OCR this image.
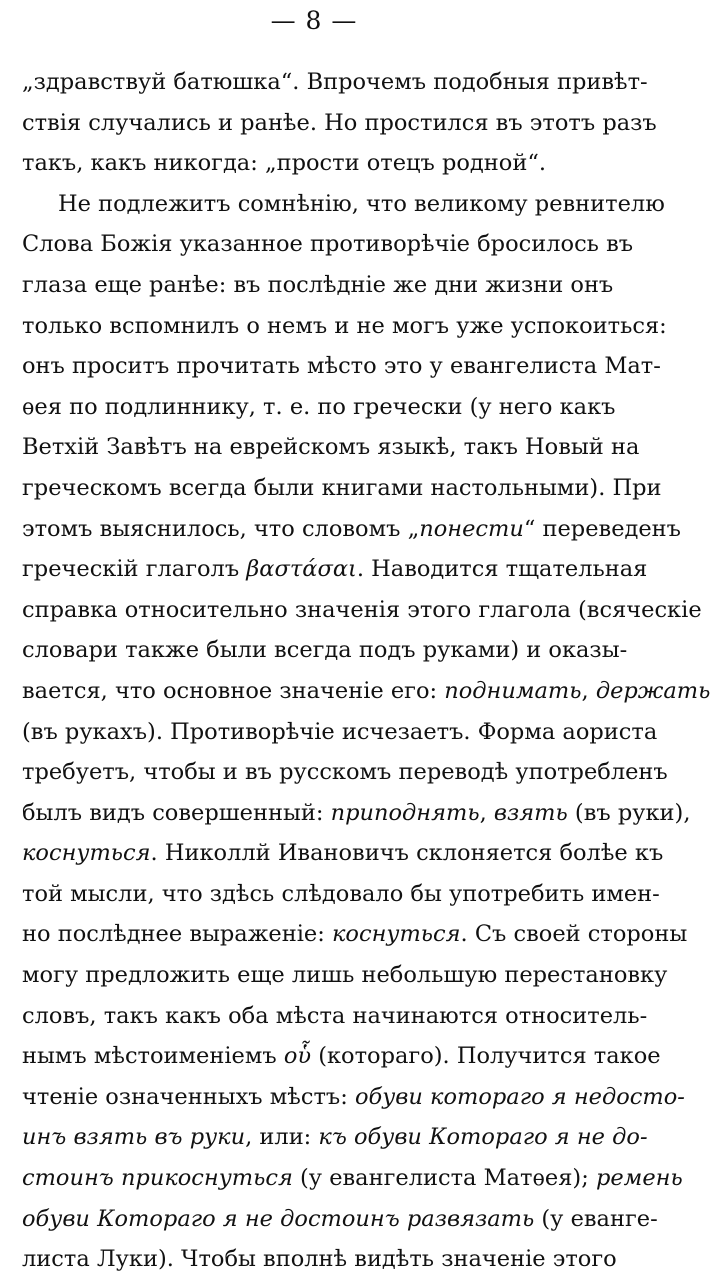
— 8 —
„здравствуй батюшка“. Впрочемъ подобныя привѣт-
ствія случались и ранѣе. Но простился въ этотъ разъ
такъ, какъ никогда: „прости отецъ родной“.
Не подлежитъ сомнѣнію, что великому ревнителю
Слова Божія указанное противорѣчіе бросилось въ
глаза еще ранѣе: въ послѣдніе же дни жизни онъ
только вспомнилъ о немъ и не могъ уже успокоиться:
онъ проситъ прочитать мѣсто это у евангелиста Мат-
ѳея по подлиннику, т. е. по гречески (у него какъ
Ветхій Завѣтъ на еврейскомъ языкѣ, такъ Новый на
греческомъ всегда были книгами настольными). При
этомъ выяснилось, что словомъ „понести“ переведенъ
греческій глаголъ βαστάσαι. Наводится тщательная
справка относительно значенія этого глагола (всяческіе
словари также были всегда подъ руками) и оказы-
вается, что основное значеніе его: поднимать, держать
(въ рукахъ). Противорѣчіе исчезаетъ. Форма аориста
требуетъ, чтобы и въ русскомъ переводѣ употребленъ
былъ видъ совершенный: приподнять, взять (въ руки),
коснуться. Николлй Ивановичъ склоняется болѣе къ
той мысли, что здѣсь слѣдовало бы употребить имен-
но послѣднее выраженіе: коснуться. Съ своей стороны
могу предложить еще лишь небольшую перестановку
словъ, такъ какъ оба мѣста начинаются относитель-
нымъ мѣстоименіемъ οὗ (котораго). Получится такое
чтеніе означенныхъ мѣстъ: обуви котораго я недосто-
инъ взять въ руки, или: къ обуви Котораго я не до-
стоинъ прикоснуться (у евангелиста Матѳея); ремень
обуви Котораго я не достоинъ развязать (у еванге-
листа Луки). Чтобы вполнѣ видѣть значеніе этого
